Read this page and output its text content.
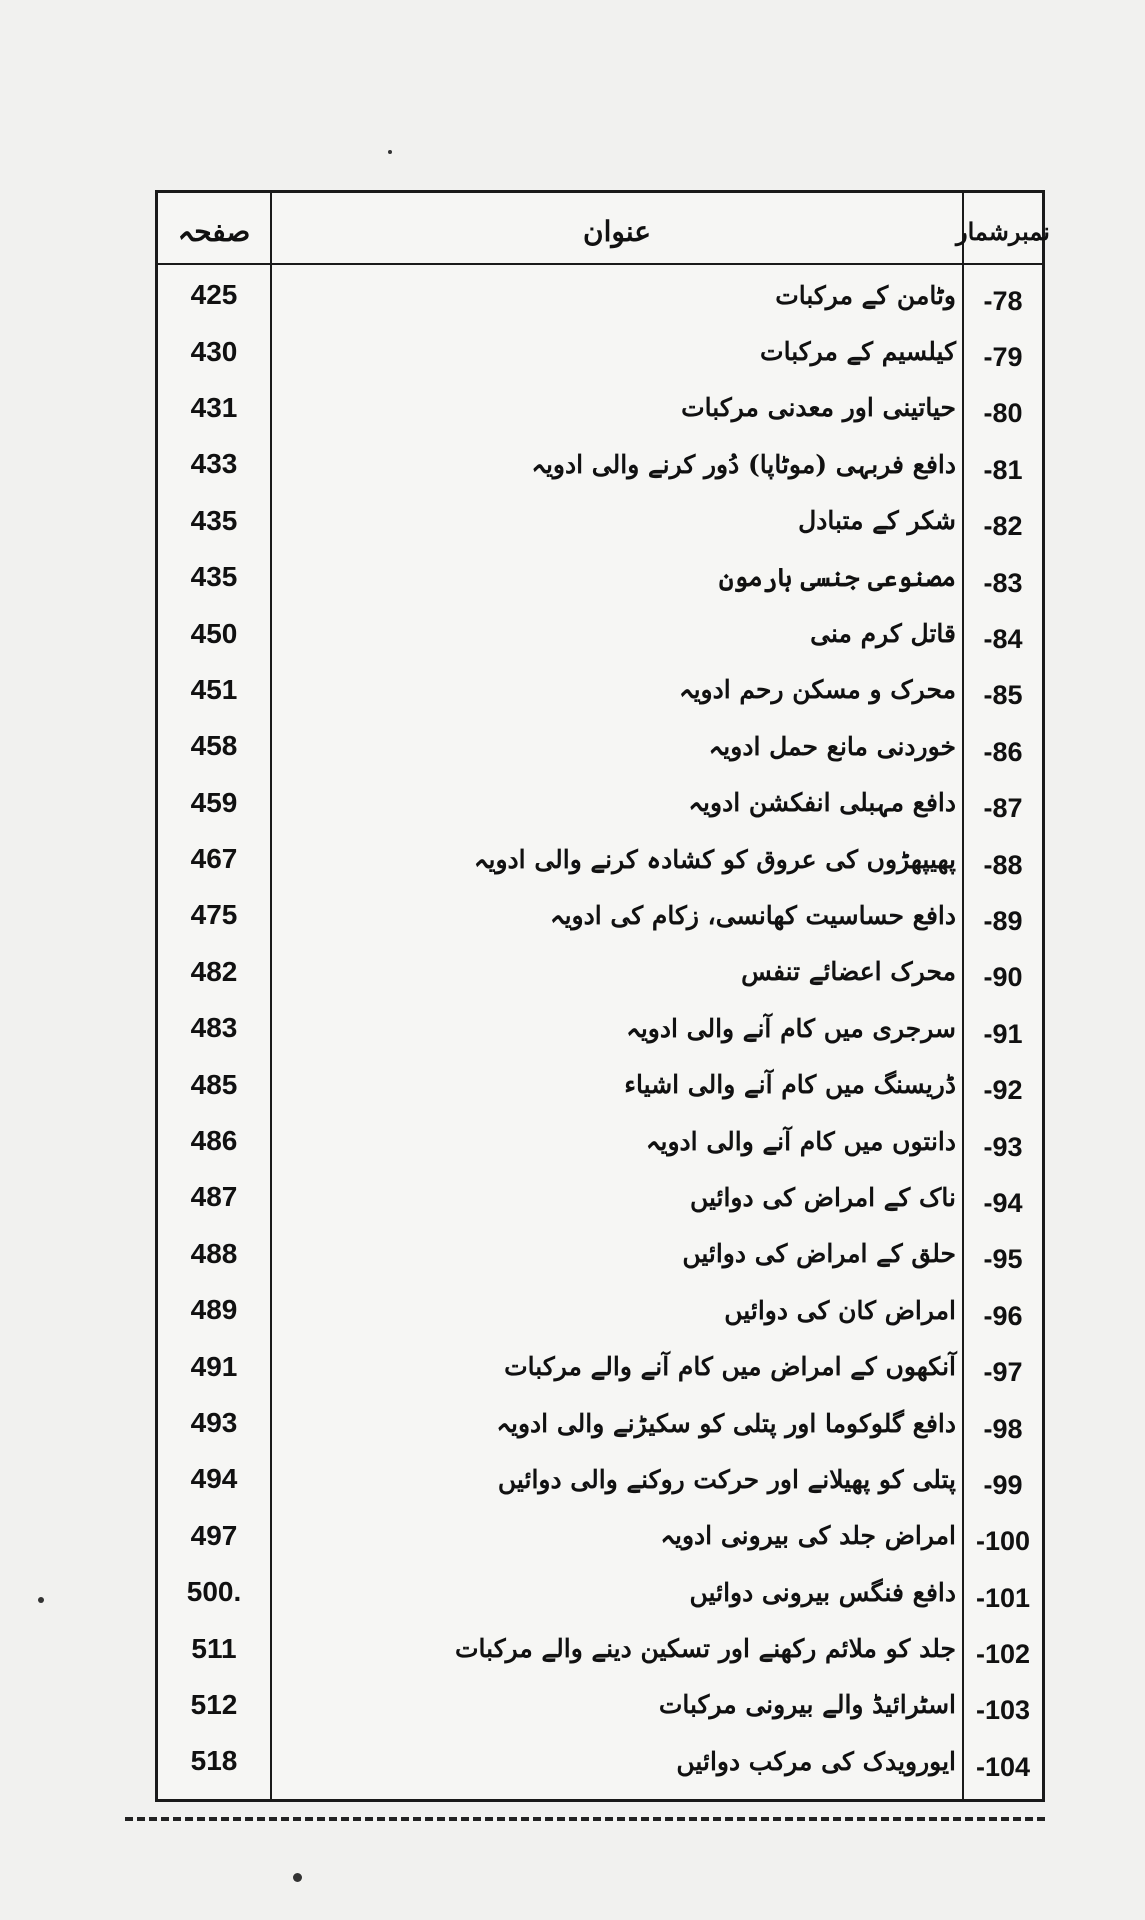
صفحہ	عنوان	نمبرشمار
425	وٹامن کے مرکبات	-78
430	کیلسیم کے مرکبات	-79
431	حیاتینی اور معدنی مرکبات	-80
433	دافع فربہی (موٹاپا) دُور کرنے والی ادویہ	-81
435	شکر کے متبادل	-82
435	مصنوعی جنسی ہارمون	-83
450	قاتل کرم منی	-84
451	محرک و مسکن رحم ادویہ	-85
458	خوردنی مانع حمل ادویہ	-86
459	دافع مہبلی انفکشن ادویہ	-87
467	پھیپھڑوں کی عروق کو کشادہ کرنے والی ادویہ	-88
475	دافع حساسیت کھانسی، زکام کی ادویہ	-89
482	محرک اعضائے تنفس	-90
483	سرجری میں کام آنے والی ادویہ	-91
485	ڈریسنگ میں کام آنے والی اشیاء	-92
486	دانتوں میں کام آنے والی ادویہ	-93
487	ناک کے امراض کی دوائیں	-94
488	حلق کے امراض کی دوائیں	-95
489	امراض کان کی دوائیں	-96
491	آنکھوں کے امراض میں کام آنے والے مرکبات	-97
493	دافع گلوکوما اور پتلی کو سکیڑنے والی ادویہ	-98
494	پتلی کو پھیلانے اور حرکت روکنے والی دوائیں	-99
497	امراض جلد کی بیرونی ادویہ -100
500.	دافع فنگس بیرونی دوائیں -101
511	جلد کو ملائم رکھنے اور تسکین دینے والے مرکبات -102
512	اسٹرائیڈ والے بیرونی مرکبات -103
518	ایورویدک کی مرکب دوائیں -104
